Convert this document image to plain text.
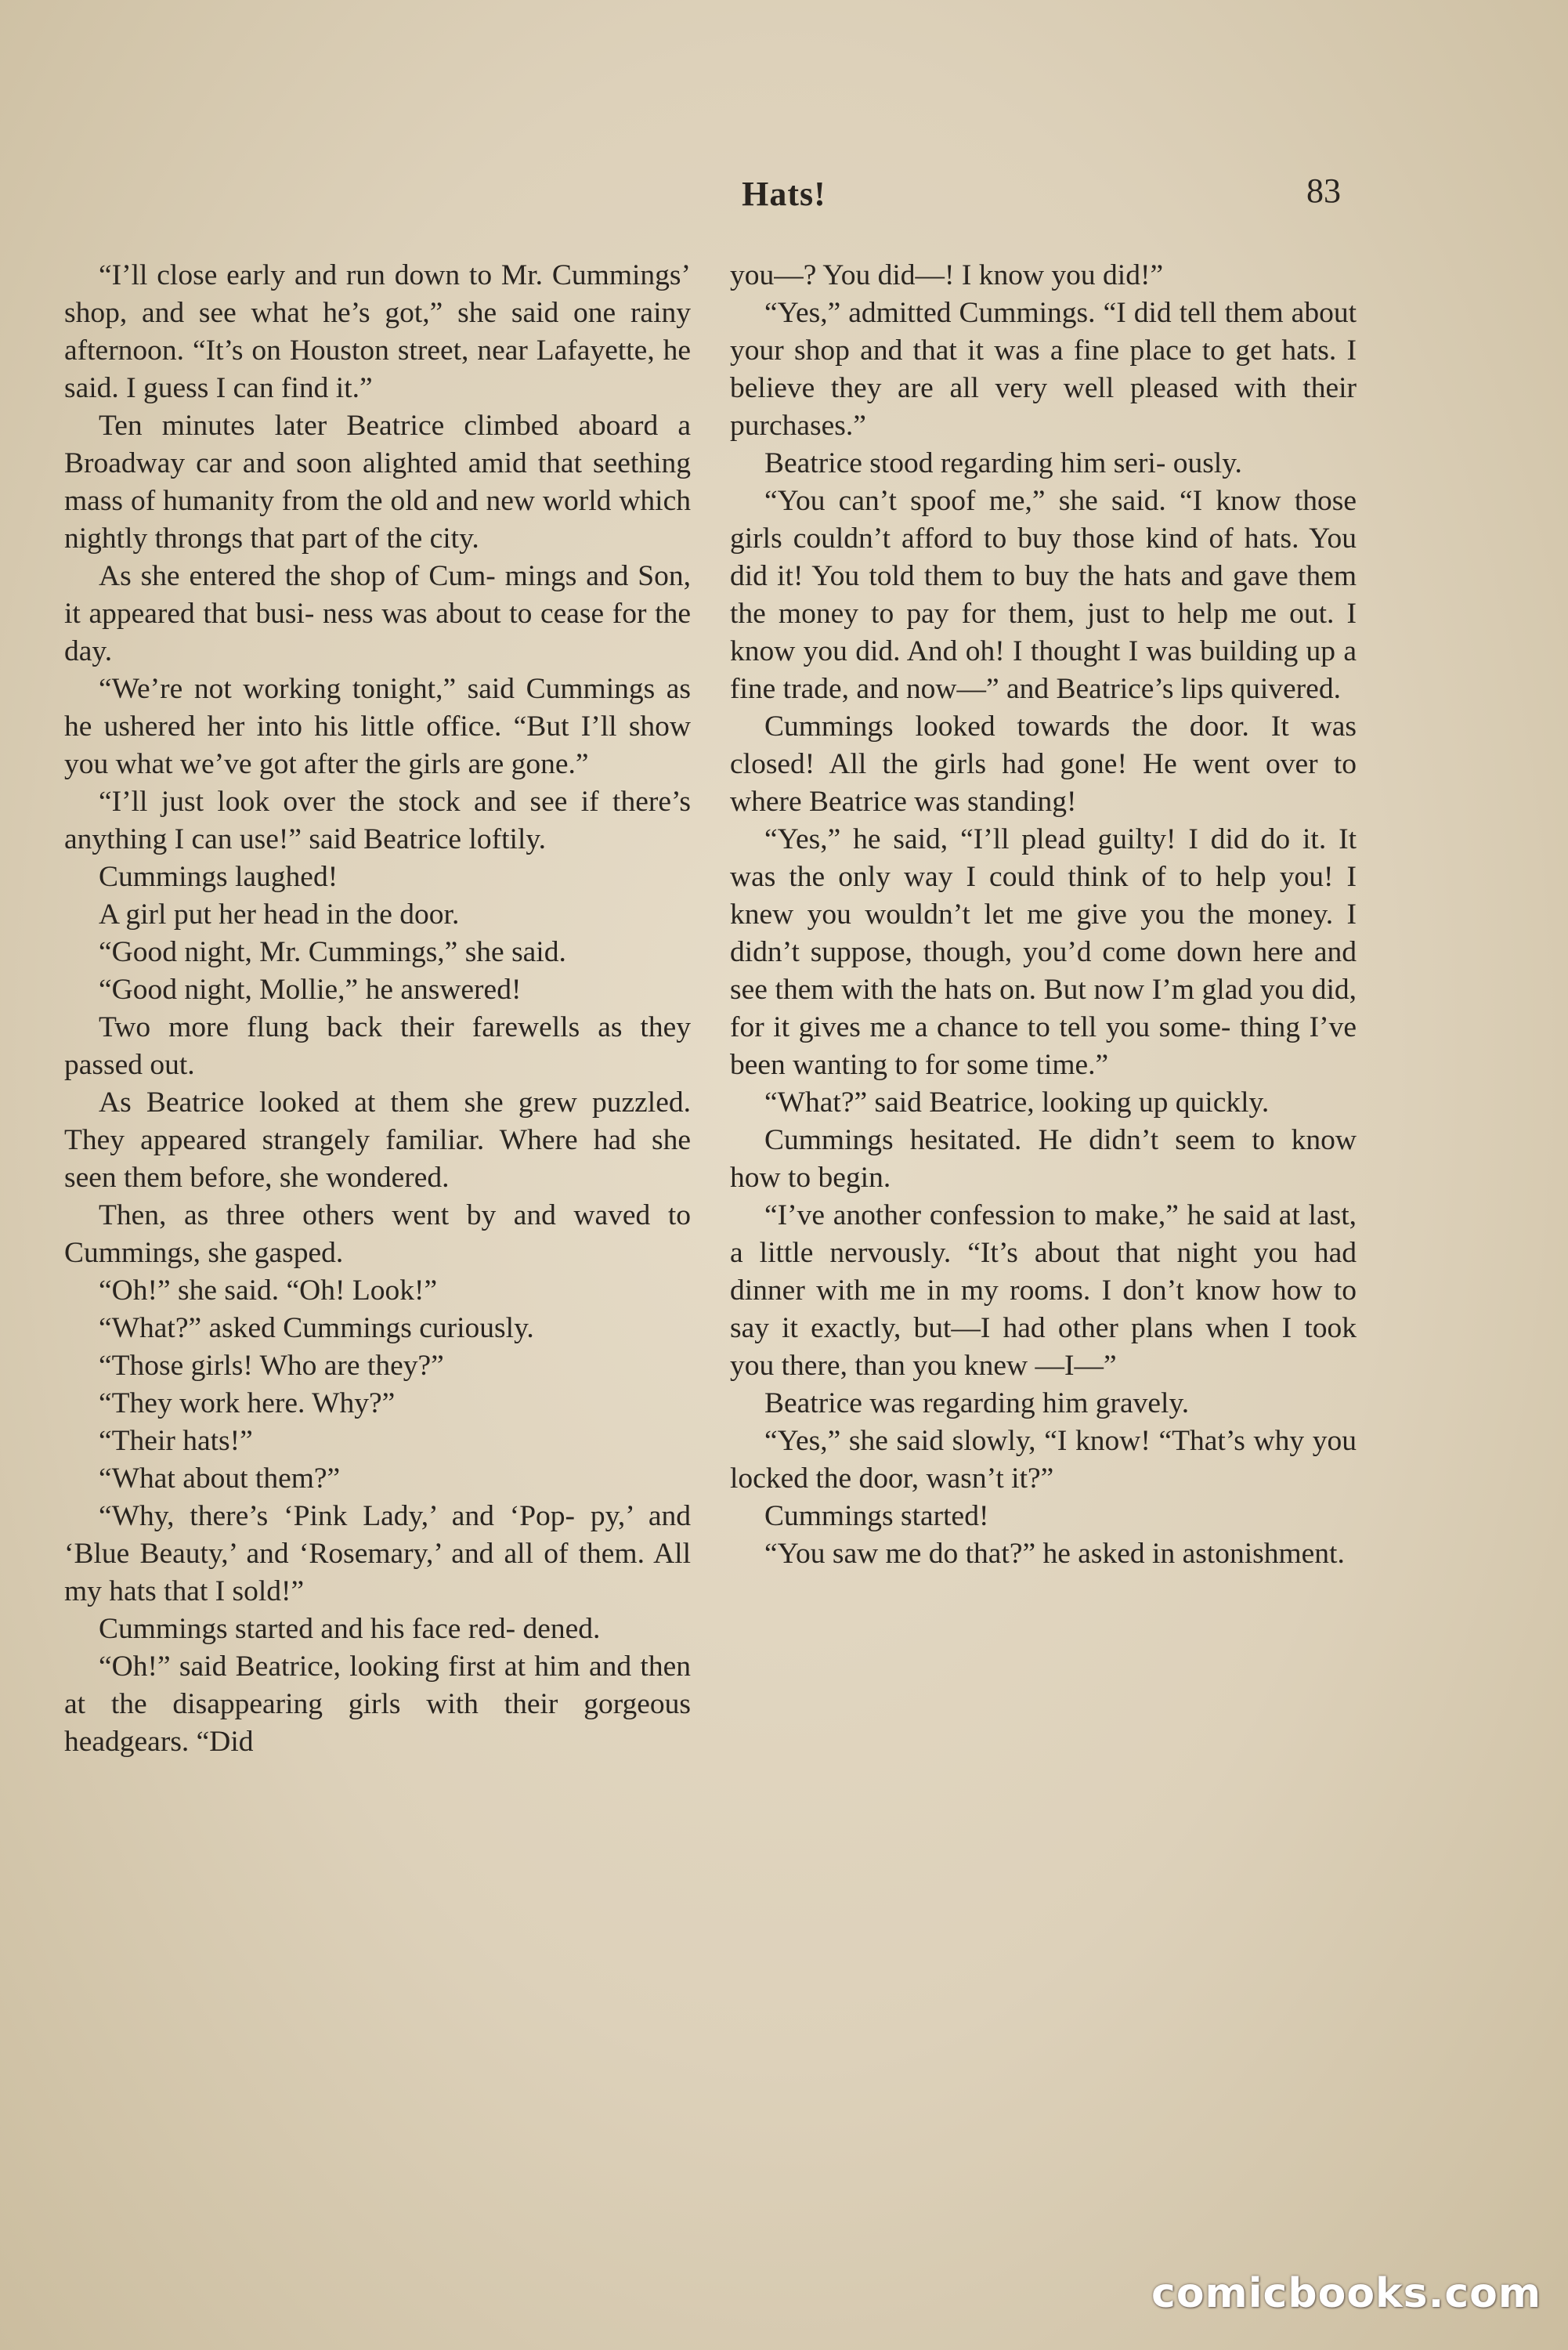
Hats!	83

“I’ll close early and run down to Mr. Cummings’ shop, and see what he’s got,” she said one rainy afternoon. “It’s on Houston street, near Lafayette, he said. I guess I can find it.”

Ten minutes later Beatrice climbed aboard a Broadway car and soon alighted amid that seething mass of humanity from the old and new world which nightly throngs that part of the city.

As she entered the shop of Cum- mings and Son, it appeared that busi- ness was about to cease for the day.

“We’re not working tonight,” said Cummings as he ushered her into his little office. “But I’ll show you what we’ve got after the girls are gone.”

“I’ll just look over the stock and see if there’s anything I can use!” said Beatrice loftily.

Cummings laughed!

A girl put her head in the door.

“Good night, Mr. Cummings,” she said.

“Good night, Mollie,” he answered!

Two more flung back their farewells as they passed out.

As Beatrice looked at them she grew puzzled. They appeared strangely familiar. Where had she seen them before, she wondered.

Then, as three others went by and waved to Cummings, she gasped.

“Oh!” she said. “Oh! Look!”

“What?” asked Cummings curiously.

“Those girls! Who are they?”

“They work here. Why?”

“Their hats!”

“What about them?”

“Why, there’s ‘Pink Lady,’ and ‘Pop- py,’ and ‘Blue Beauty,’ and ‘Rosemary,’ and all of them. All my hats that I sold!”

Cummings started and his face red- dened.

“Oh!” said Beatrice, looking first at him and then at the disappearing girls with their gorgeous headgears. “Did

you—? You did—! I know you did!”

“Yes,” admitted Cummings. “I did tell them about your shop and that it was a fine place to get hats. I believe they are all very well pleased with their purchases.”

Beatrice stood regarding him seri- ously.

“You can’t spoof me,” she said. “I know those girls couldn’t afford to buy those kind of hats. You did it! You told them to buy the hats and gave them the money to pay for them, just to help me out. I know you did. And oh! I thought I was building up a fine trade, and now—” and Beatrice’s lips quivered.

Cummings looked towards the door. It was closed! All the girls had gone! He went over to where Beatrice was standing!

“Yes,” he said, “I’ll plead guilty! I did do it. It was the only way I could think of to help you! I knew you wouldn’t let me give you the money. I didn’t suppose, though, you’d come down here and see them with the hats on. But now I’m glad you did, for it gives me a chance to tell you some- thing I’ve been wanting to for some time.”

“What?” said Beatrice, looking up quickly.

Cummings hesitated. He didn’t seem to know how to begin.

“I’ve another confession to make,” he said at last, a little nervously. “It’s about that night you had dinner with me in my rooms. I don’t know how to say it exactly, but—I had other plans when I took you there, than you knew —I—”

Beatrice was regarding him gravely.

“Yes,” she said slowly, “I know! “That’s why you locked the door, wasn’t it?”

Cummings started!

“You saw me do that?” he asked in astonishment.

comicbooks.com
